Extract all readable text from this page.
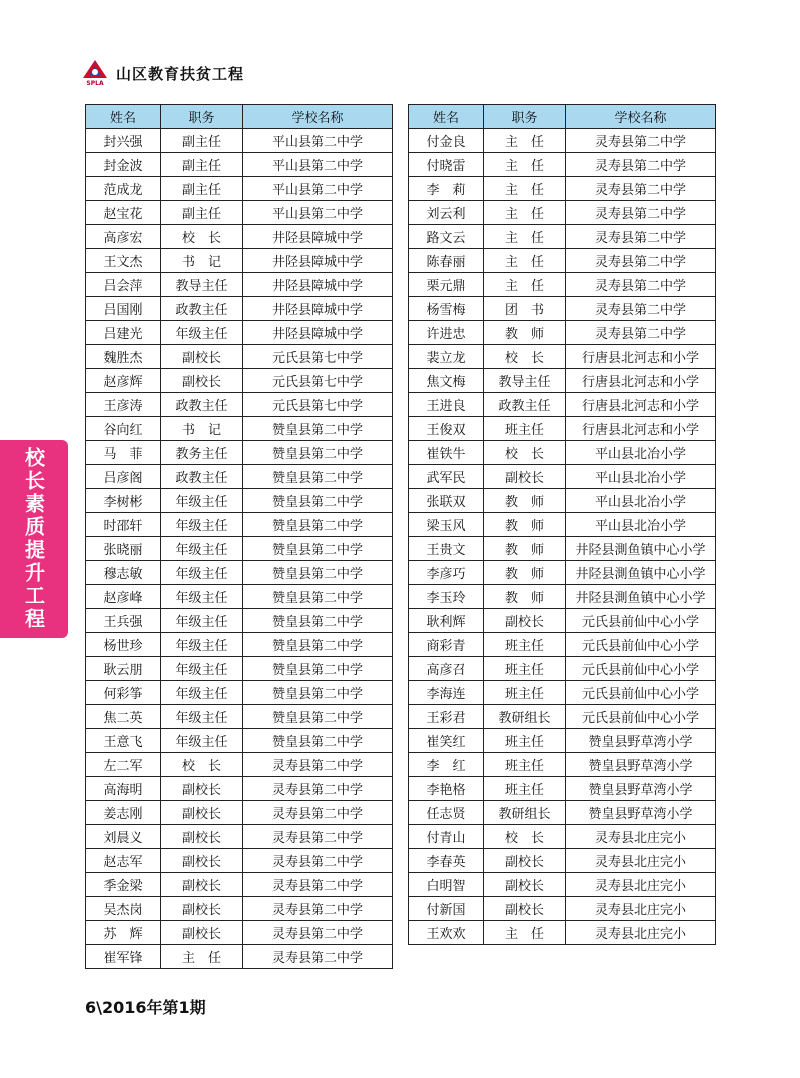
SPLA
山区教育扶贫工程
校长素质提升工程
姓名	职务	学校名称
封兴强	副主任	平山县第二中学
封金波	副主任	平山县第二中学
范成龙	副主任	平山县第二中学
赵宝花	副主任	平山县第二中学
高彦宏	校　长	井陉县障城中学
王文杰	书　记	井陉县障城中学
吕会萍	教导主任	井陉县障城中学
吕国刚	政教主任	井陉县障城中学
吕建光	年级主任	井陉县障城中学
魏胜杰	副校长	元氏县第七中学
赵彦辉	副校长	元氏县第七中学
王彦涛	政教主任	元氏县第七中学
谷向红	书　记	赞皇县第二中学
马　菲	教务主任	赞皇县第二中学
吕彦阁	政教主任	赞皇县第二中学
李树彬	年级主任	赞皇县第二中学
时邵轩	年级主任	赞皇县第二中学
张晓丽	年级主任	赞皇县第二中学
穆志敏	年级主任	赞皇县第二中学
赵彦峰	年级主任	赞皇县第二中学
王兵强	年级主任	赞皇县第二中学
杨世珍	年级主任	赞皇县第二中学
耿云朋	年级主任	赞皇县第二中学
何彩筝	年级主任	赞皇县第二中学
焦二英	年级主任	赞皇县第二中学
王意飞	年级主任	赞皇县第二中学
左二军	校　长	灵寿县第二中学
高海明	副校长	灵寿县第二中学
姜志刚	副校长	灵寿县第二中学
刘晨义	副校长	灵寿县第二中学
赵志军	副校长	灵寿县第二中学
季金梁	副校长	灵寿县第二中学
吴杰岗	副校长	灵寿县第二中学
苏　辉	副校长	灵寿县第二中学
崔军锋	主　任	灵寿县第二中学
姓名	职务	学校名称
付金良	主　任	灵寿县第二中学
付晓雷	主　任	灵寿县第二中学
李　莉	主　任	灵寿县第二中学
刘云利	主　任	灵寿县第二中学
路文云	主　任	灵寿县第二中学
陈春丽	主　任	灵寿县第二中学
栗元鼎	主　任	灵寿县第二中学
杨雪梅	团　书	灵寿县第二中学
许进忠	教　师	灵寿县第二中学
裴立龙	校　长	行唐县北河志和小学
焦文梅	教导主任	行唐县北河志和小学
王进良	政教主任	行唐县北河志和小学
王俊双	班主任	行唐县北河志和小学
崔铁牛	校　长	平山县北冶小学
武军民	副校长	平山县北冶小学
张联双	教　师	平山县北冶小学
梁玉风	教　师	平山县北冶小学
王贵文	教　师	井陉县測鱼镇中心小学
李彦巧	教　师	井陉县測鱼镇中心小学
李玉玲	教　师	井陉县測鱼镇中心小学
耿利辉	副校长	元氏县前仙中心小学
商彩青	班主任	元氏县前仙中心小学
高彦召	班主任	元氏县前仙中心小学
李海连	班主任	元氏县前仙中心小学
王彩君	教研组长	元氏县前仙中心小学
崔笑红	班主任	赞皇县野草湾小学
李　红	班主任	赞皇县野草湾小学
李艳格	班主任	赞皇县野草湾小学
任志贤	教研组长	赞皇县野草湾小学
付青山	校　长	灵寿县北庄完小
李春英	副校长	灵寿县北庄完小
白明智	副校长	灵寿县北庄完小
付新国	副校长	灵寿县北庄完小
王欢欢	主　任	灵寿县北庄完小
6\2016年第1期
